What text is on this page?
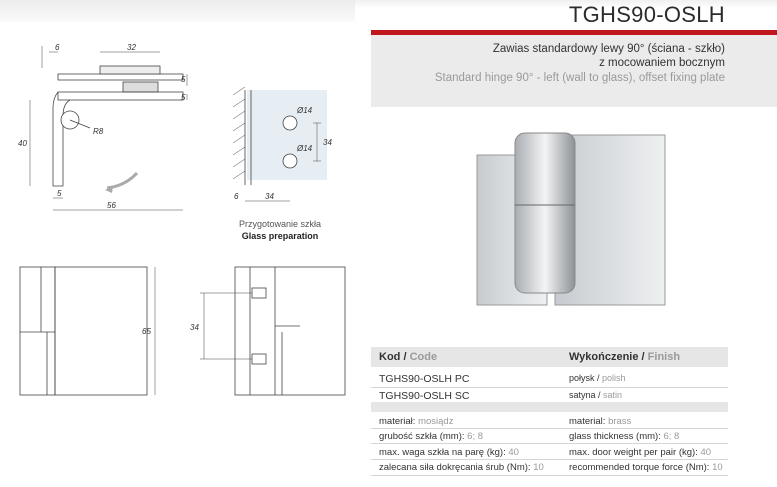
TGHS90-OSLH
Zawias standardowy lewy 90° (ściana - szkło)
z mocowaniem bocznym
Standard hinge 90° - left (wall to glass), offset fixing plate
6	32
5
5
40
R8
5
56
Ø14
Ø14
34
6	34
Przygotowanie szkła
Glass preparation
65	34
Kod / Code	Wykończenie / Finish
TGHS90-OSLH PC	połysk / polish
TGHS90-OSLH SC	satyna / satin
materiał: mosiądz	material: brass
grubość szkła (mm): 6; 8	glass thickness (mm): 6; 8
max. waga szkła na parę (kg): 40	max. door weight per pair (kg): 40
zalecana siła dokręcania śrub (Nm): 10	recommended torque force (Nm): 10
